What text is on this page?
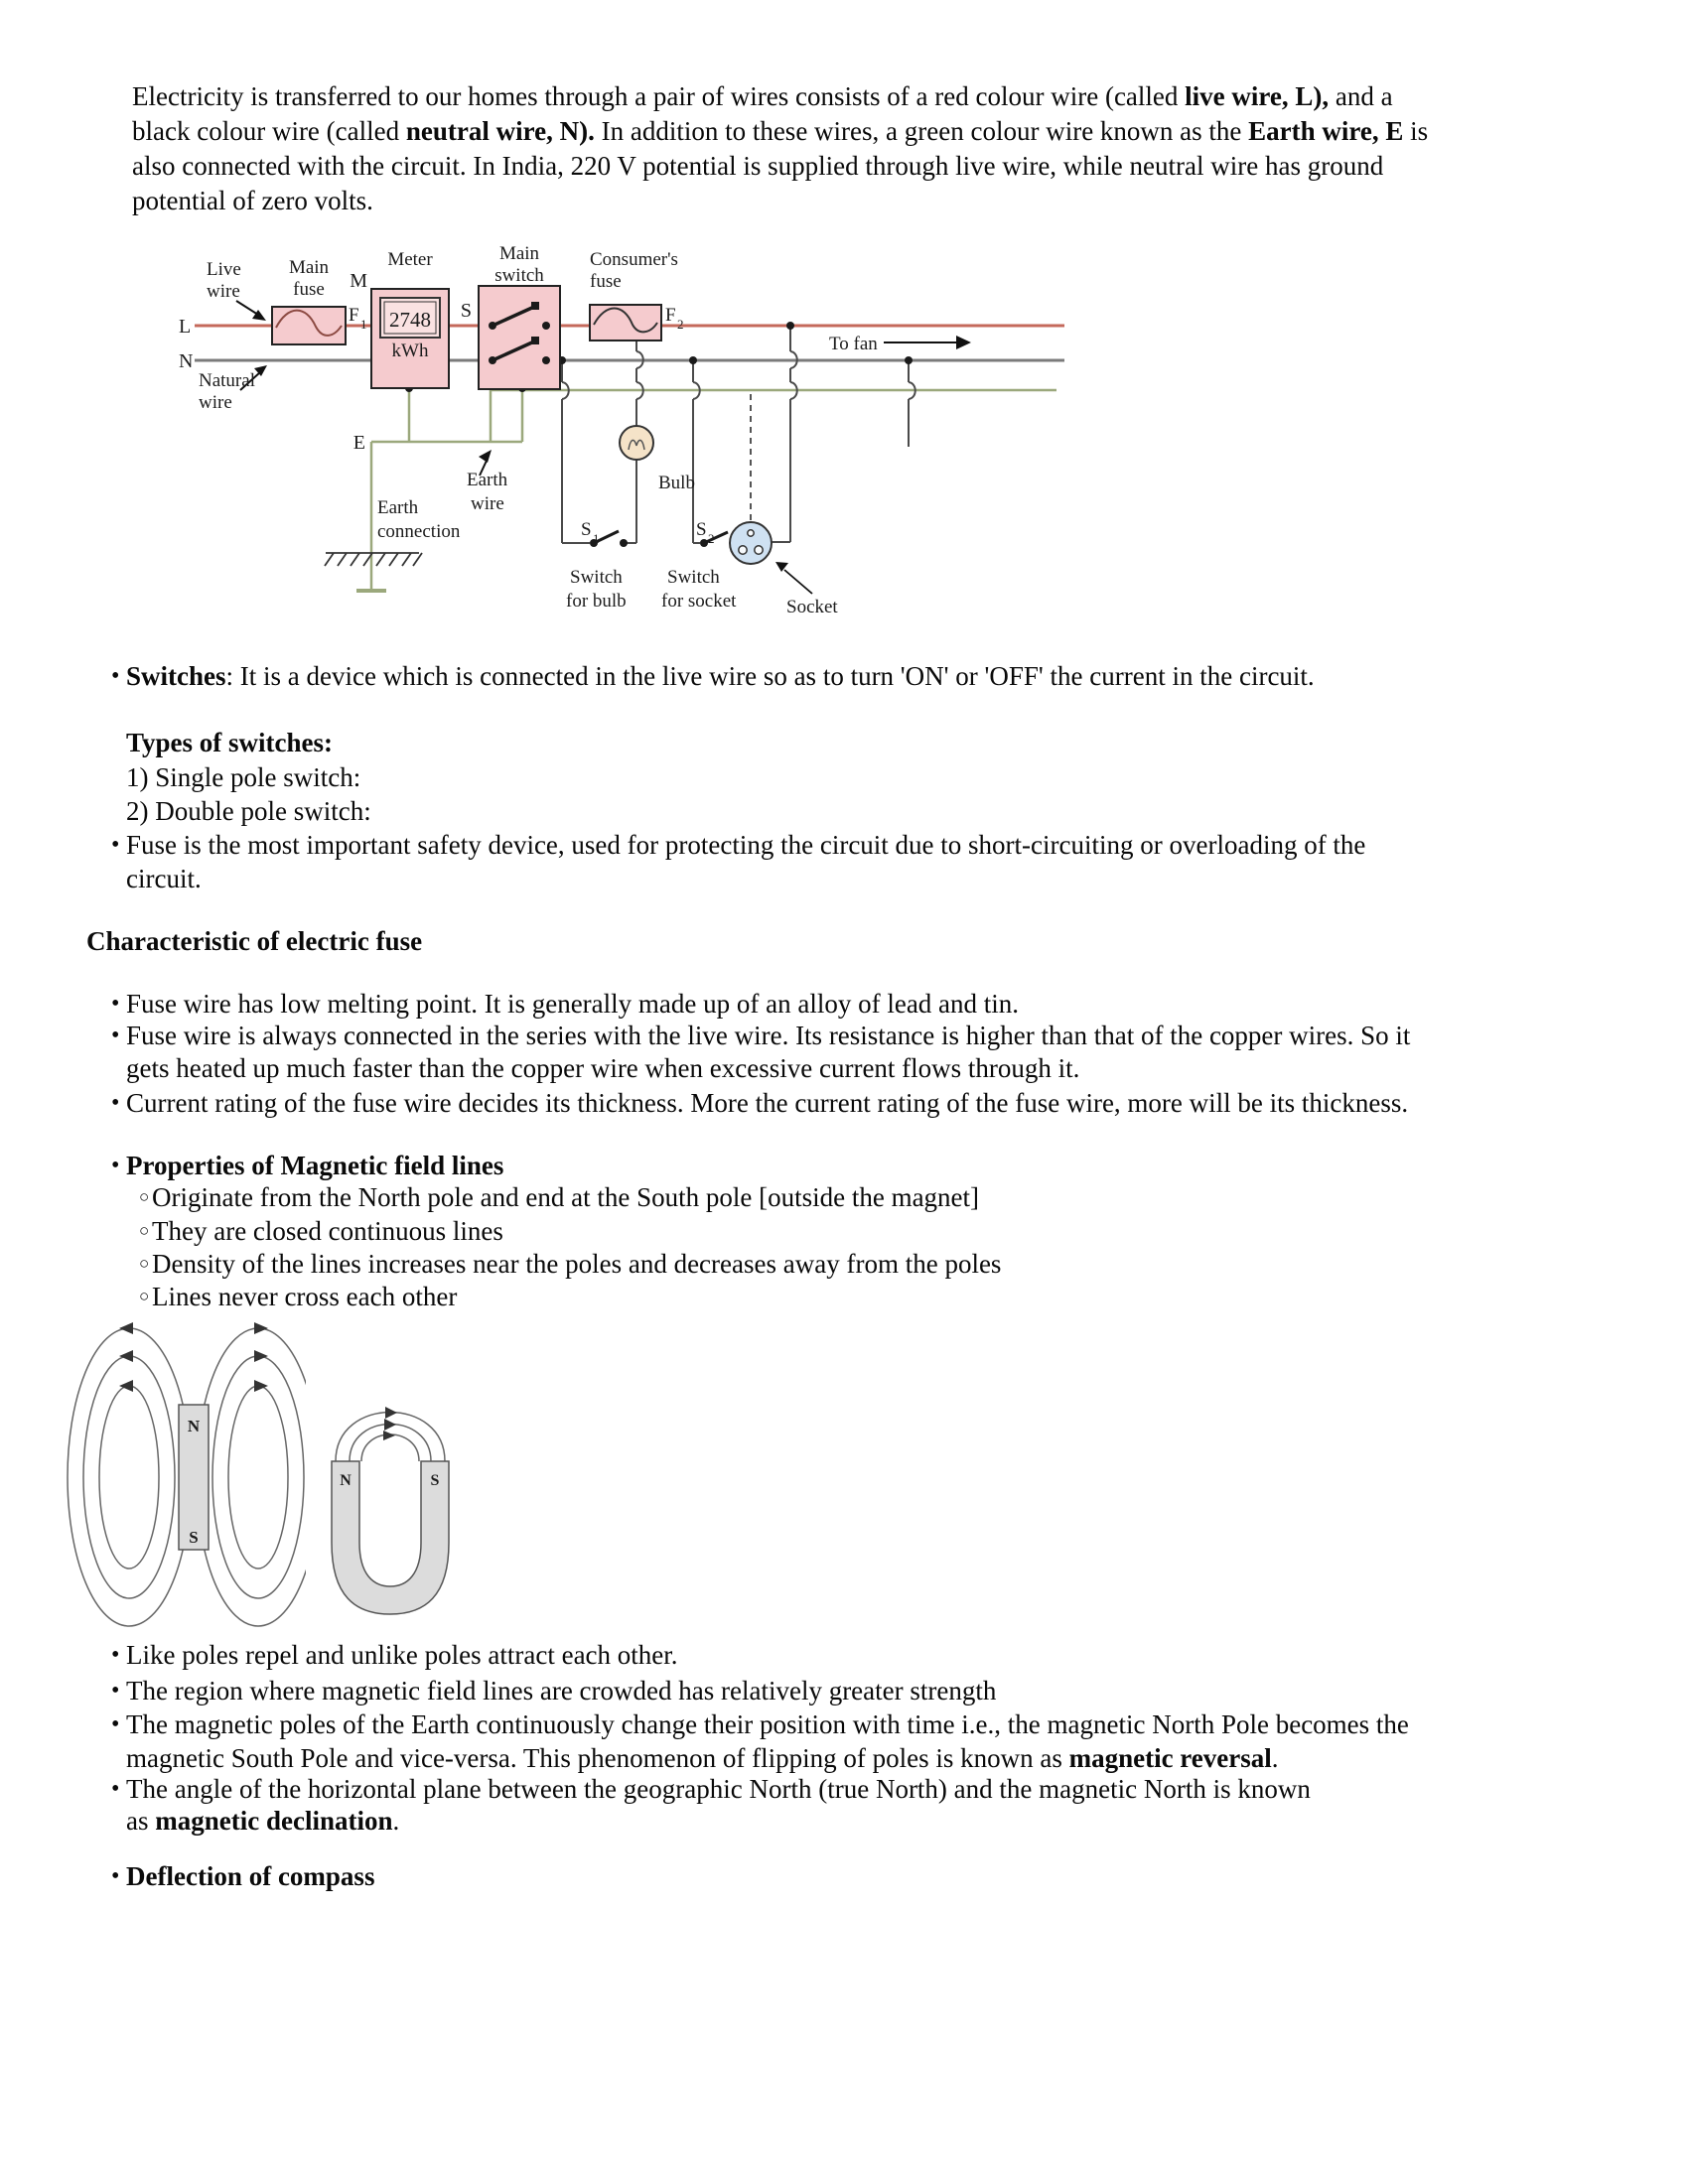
Electricity is transferred to our homes through a pair of wires consists of a red colour wire (called live wire, L), and a
black colour wire (called neutral wire, N). In addition to these wires, a green colour wire known as the Earth wire, E is
also connected with the circuit. In India, 220 V potential is supplied through live wire, while neutral wire has ground
potential of zero volts.
2748
kWh
Live
wire
Main
fuse
F 1
M
Meter
S
Main
switch
Consumer's
fuse
F 2
L
N
Natural
wire
E
To fan
Earth
connection
Earth
wire
Bulb
S 1
Switch
for bulb
S 2
Switch
for socket	Socket
• Switches: It is a device which is connected in the live wire so as to turn 'ON' or 'OFF' the current in the circuit.
Types of switches:
1) Single pole switch:
2) Double pole switch:
• Fuse is the most important safety device, used for protecting the circuit due to short-circuiting or overloading of the
circuit.
Characteristic of electric fuse
• Fuse wire has low melting point. It is generally made up of an alloy of lead and tin.
• Fuse wire is always connected in the series with the live wire. Its resistance is higher than that of the copper wires. So it
gets heated up much faster than the copper wire when excessive current flows through it.
• Current rating of the fuse wire decides its thickness. More the current rating of the fuse wire, more will be its thickness.
• Properties of Magnetic field lines
○ Originate from the North pole and end at the South pole [outside the magnet]
○ They are closed continuous lines
○ Density of the lines increases near the poles and decreases away from the poles
○ Lines never cross each other
N
S
N	S
• Like poles repel and unlike poles attract each other.
• The region where magnetic field lines are crowded has relatively greater strength
• The magnetic poles of the Earth continuously change their position with time i.e., the magnetic North Pole becomes the
magnetic South Pole and vice-versa. This phenomenon of flipping of poles is known as magnetic reversal.
• The angle of the horizontal plane between the geographic North (true North) and the magnetic North is known
as magnetic declination.
• Deflection of compass
